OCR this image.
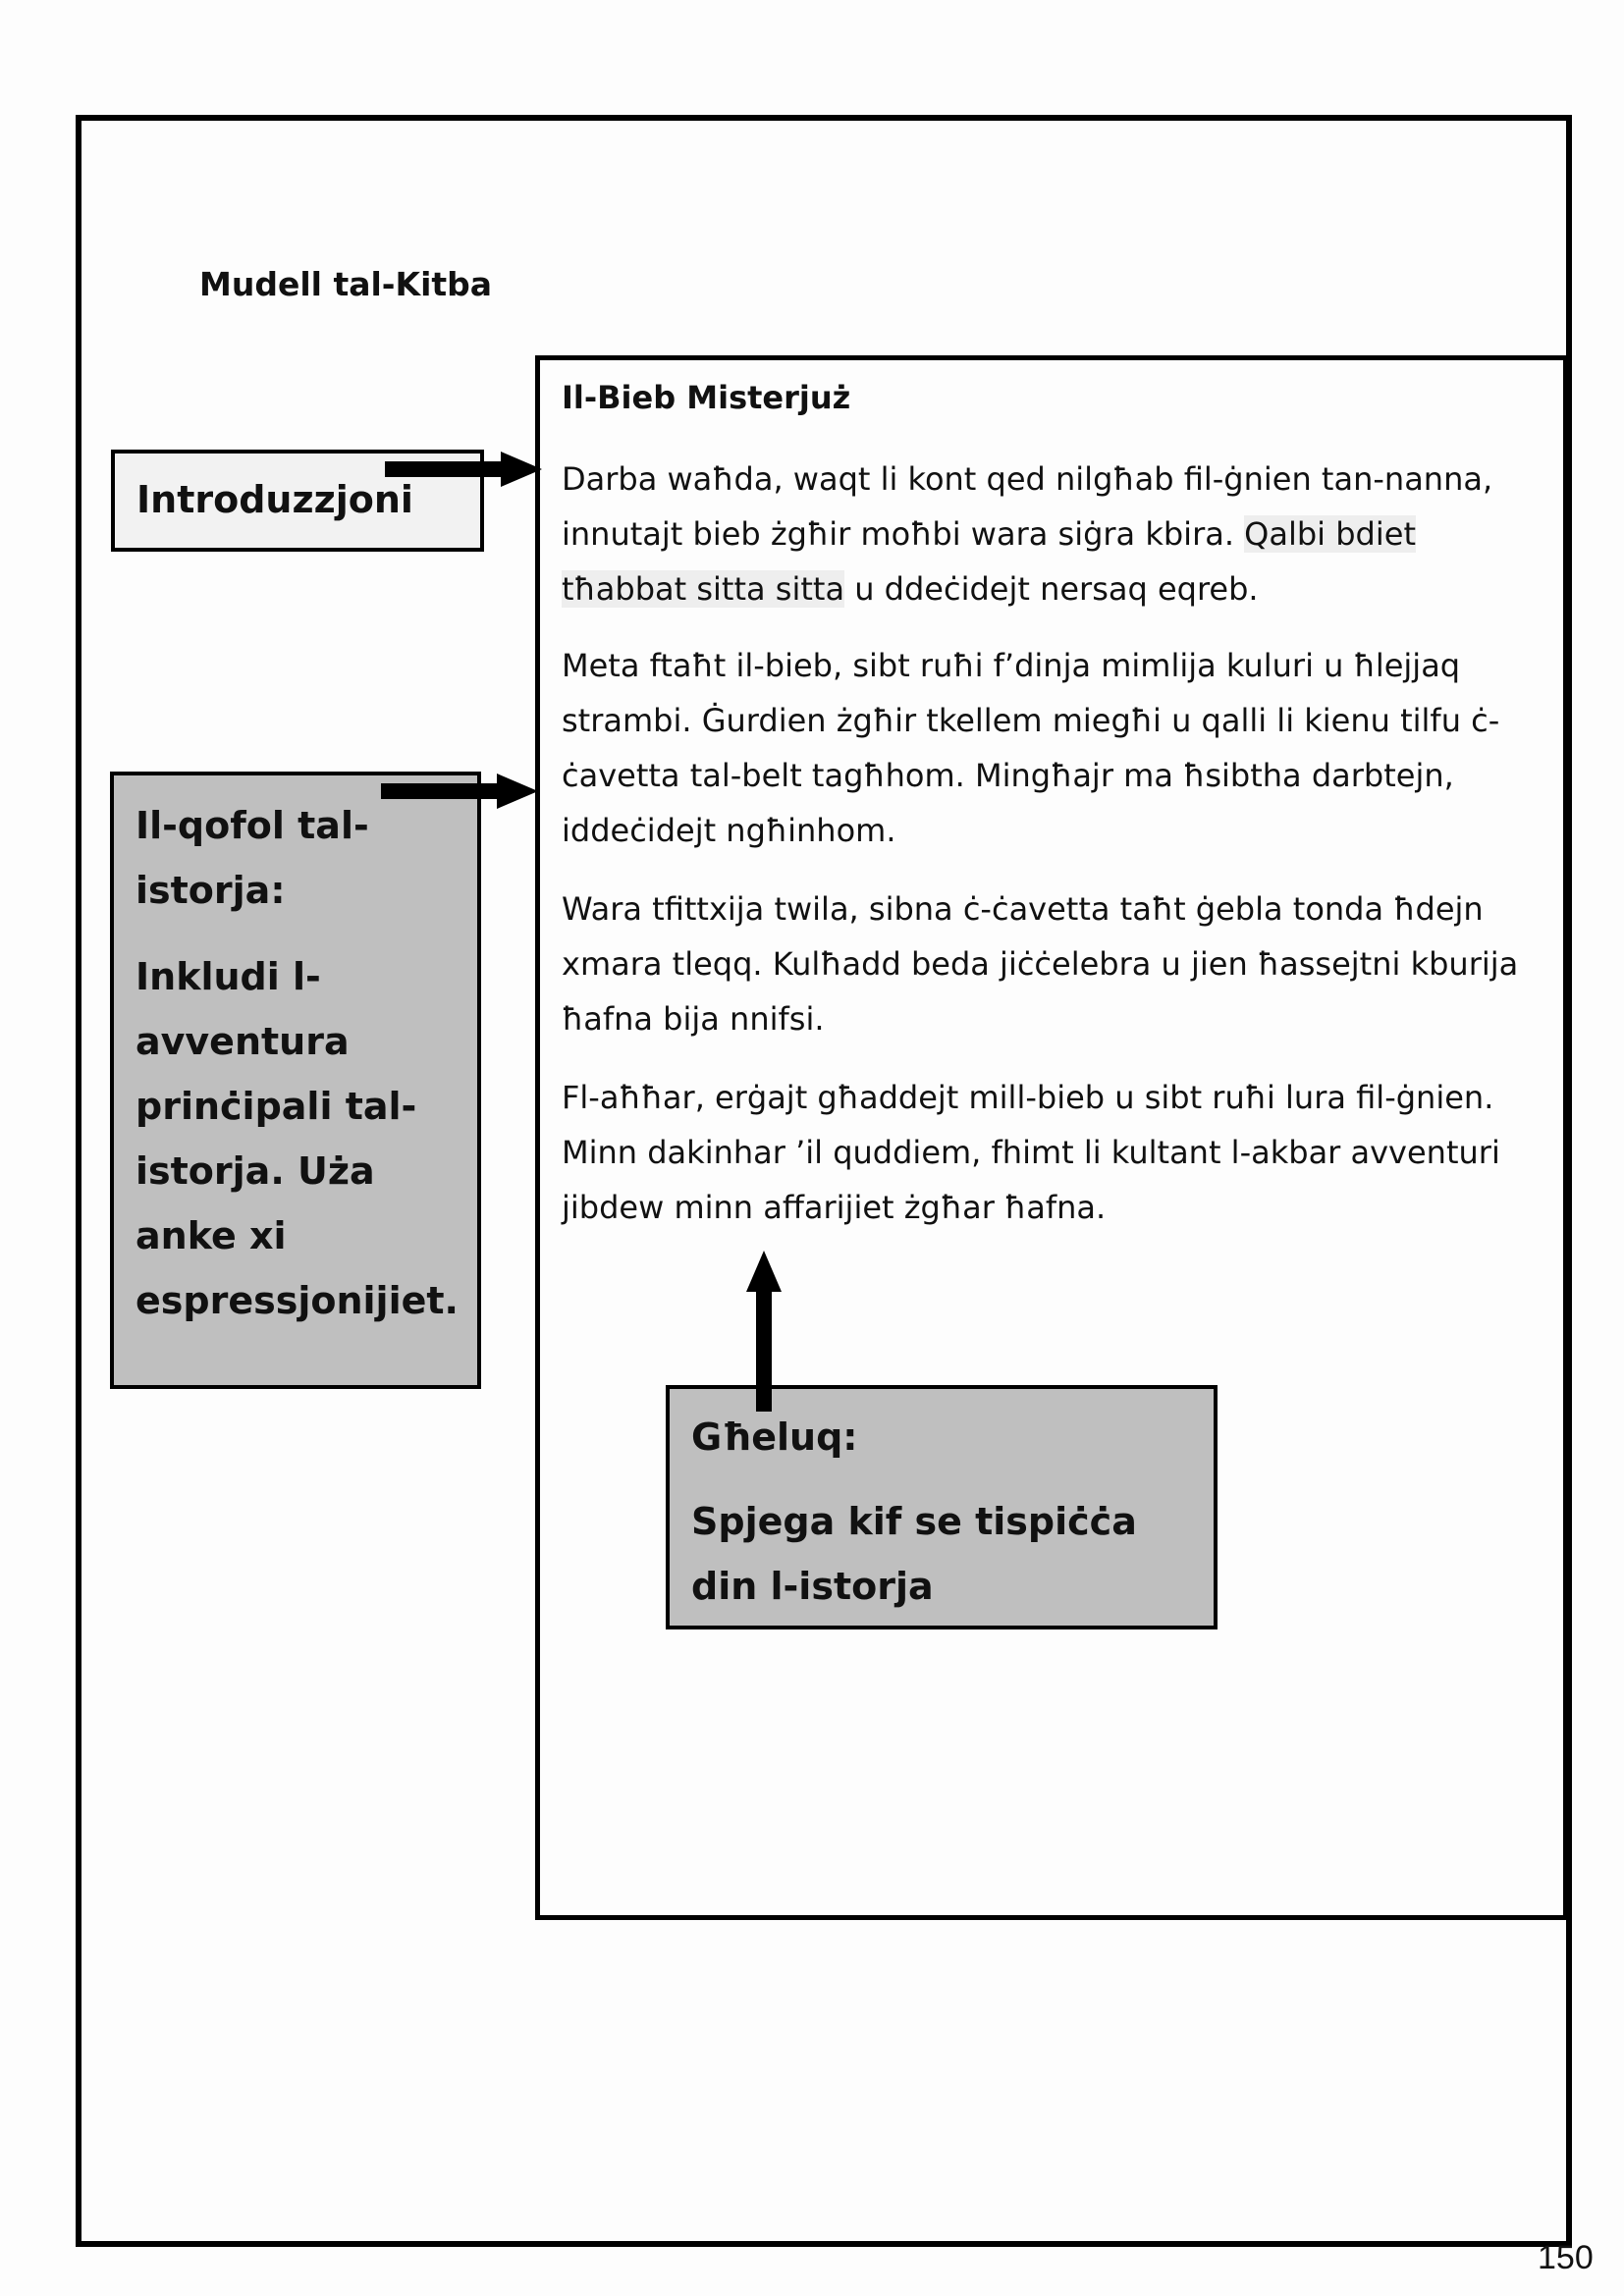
Mudell tal-Kitba
Il-Bieb Misterjuż

Darba waħda, waqt li kont qed nilgħab fil-ġnien tan-nanna, innutajt bieb żgħir moħbi wara siġra kbira. Qalbi bdiet tħabbat sitta sitta u ddeċidejt nersaq eqreb.

Meta ftaħt il-bieb, sibt ruħi f’dinja mimlija kuluri u ħlejjaq strambi. Ġurdien żgħir tkellem miegħi u qalli li kienu tilfu ċ-ċavetta tal-belt tagħhom. Mingħajr ma ħsibtha darbtejn, iddeċidejt ngħinhom.

Wara tfittxija twila, sibna ċ-ċavetta taħt ġebla tonda ħdejn xmara tleqq. Kulħadd beda jiċċelebra u jien ħassejtni kburija ħafna bija nnifsi.

Fl-aħħar, erġajt għaddejt mill-bieb u sibt ruħi lura fil-ġnien. Minn dakinhar ’il quddiem, fhimt li kultant l-akbar avventuri jibdew minn affarijiet żgħar ħafna.

Introduzzjoni

Il-qofol tal-istorja:

Inkludi l-avventura prinċipali tal-istorja. Uża anke xi espressjonijiet.

Għeluq:

Spjega kif se tispiċċa din l-istorja

150
